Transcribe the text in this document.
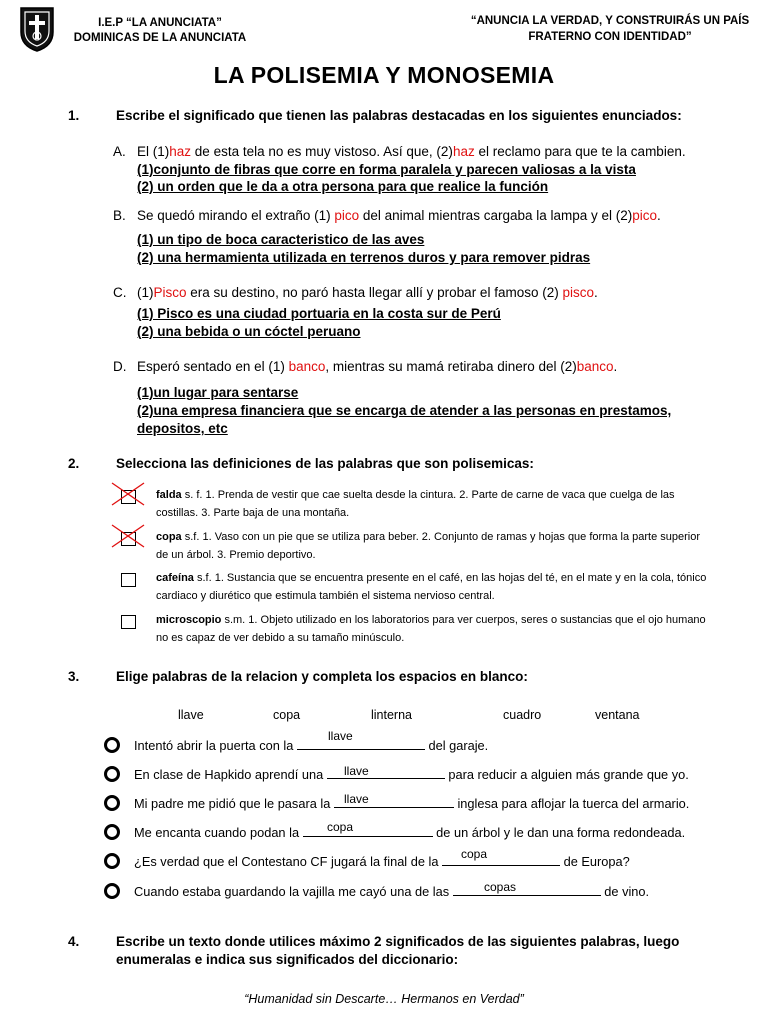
I.E.P “LA ANUNCIATA”
DOMINICAS DE LA ANUNCIATA
“ANUNCIA LA VERDAD, Y CONSTRUIRÁS UN PAÍS
FRATERNO CON IDENTIDAD”
LA POLISEMIA Y MONOSEMIA
1.	Escribe el significado que tienen las palabras destacadas en los siguientes enunciados:
A. El (1)haz de esta tela no es muy vistoso. Así que, (2)haz el reclamo para que te la cambien.
(1)conjunto de fibras que corre en forma paralela y parecen valiosas a la vista
(2) un orden que le da a otra persona para que realice la función
B. Se quedó mirando el extraño (1) pico del animal mientras cargaba la lampa y el (2)pico.
(1) un tipo de boca caracteristico de las aves
(2) una hermamienta utilizada en terrenos duros y para remover pidras
C. (1)Pisco era su destino, no paró hasta llegar allí y probar el famoso (2) pisco.
(1) Pisco es una ciudad portuaria en la costa sur de Perú
(2) una bebida o un cóctel peruano
D. Esperó sentado en el (1) banco, mientras su mamá retiraba dinero del (2)banco.
(1)un lugar para sentarse
(2)una empresa financiera que se encarga de atender a las personas en prestamos,
depositos, etc
2.	Selecciona las definiciones de las palabras que son polisemicas:
falda s. f. 1. Prenda de vestir que cae suelta desde la cintura. 2. Parte de carne de vaca que cuelga de las costillas. 3. Parte baja de una montaña.
copa s.f. 1. Vaso con un pie que se utiliza para beber. 2. Conjunto de ramas y hojas que forma la parte superior de un árbol. 3. Premio deportivo.
cafeína s.f. 1. Sustancia que se encuentra presente en el café, en las hojas del té, en el mate y en la cola, tónico cardiaco y diurético que estimula también el sistema nervioso central.
microscopio s.m. 1. Objeto utilizado en los laboratorios para ver cuerpos, seres o sustancias que el ojo humano no es capaz de ver debido a su tamaño minúsculo.
3.	Elige palabras de la relacion y completa los espacios en blanco:
llave	copa	linterna	cuadro	ventana
llave
Intentó abrir la puerta con la	del garaje.
llave
En clase de Hapkido aprendí una	para reducir a alguien más grande que yo.
llave
Mi padre me pidió que le pasara la	inglesa para aflojar la tuerca del armario.
copa
Me encanta cuando podan la	de un árbol y le dan una forma redondeada.
copa
¿Es verdad que el Contestano CF jugará la final de la	de Europa?
copas
Cuando estaba guardando la vajilla me cayó una de las	de vino.
4.	Escribe un texto donde utilices máximo 2 significados de las siguientes palabras, luego
enumeralas e indica sus significados del diccionario:
“Humanidad sin Descarte… Hermanos en Verdad”
